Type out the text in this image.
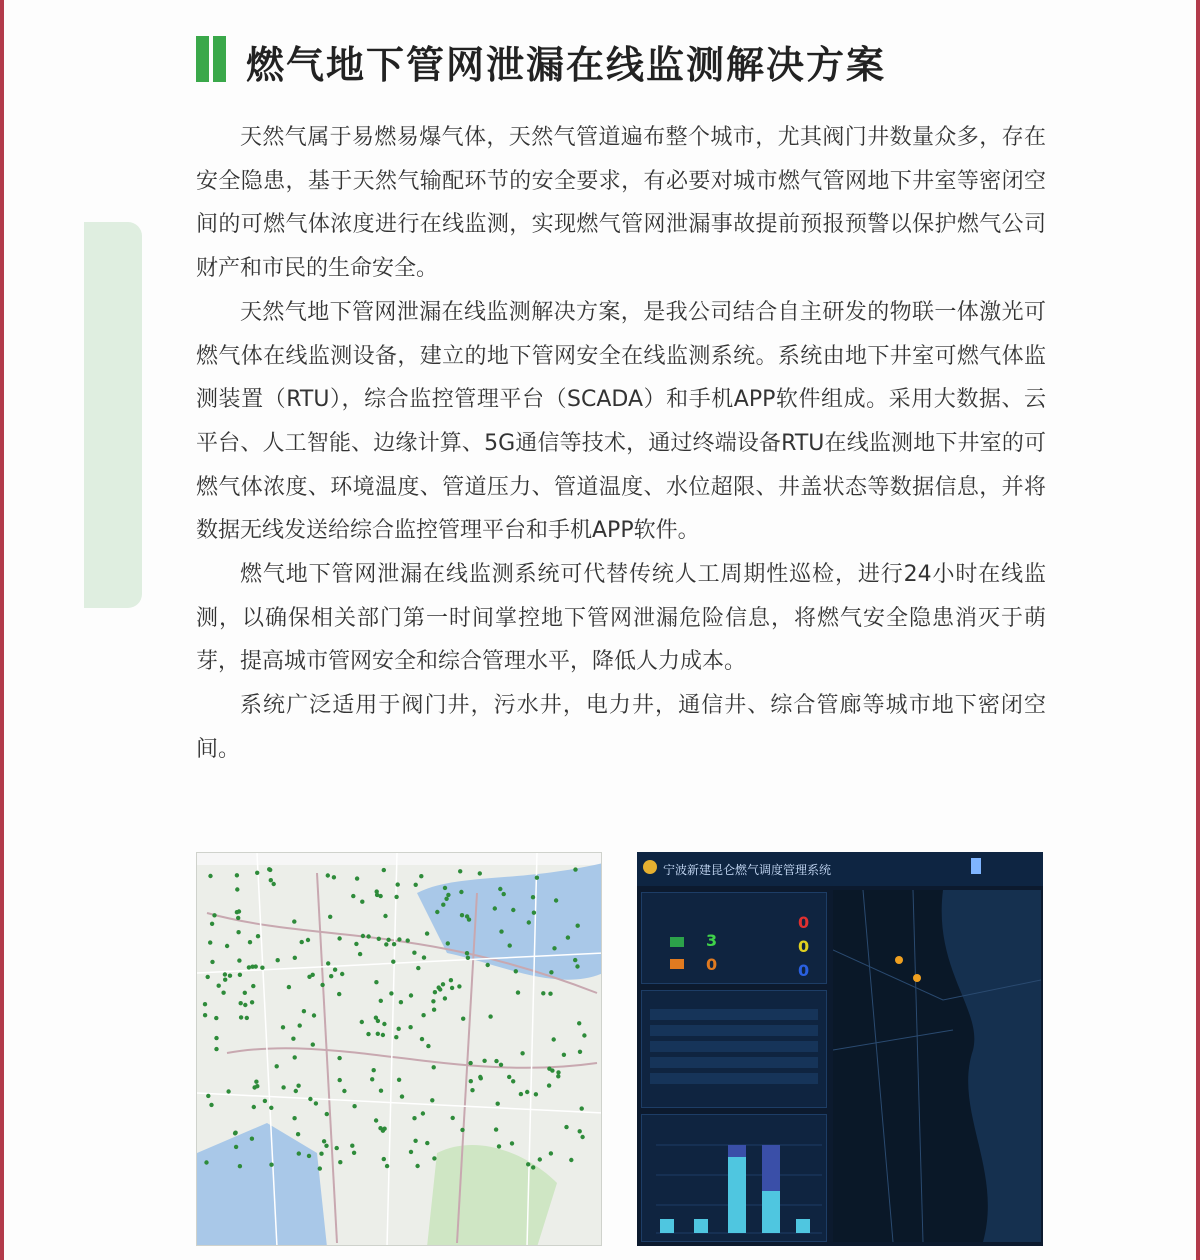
燃气地下管网泄漏在线监测解决方案

天然气属于易燃易爆气体，天然气管道遍布整个城市，尤其阀门井数量众多，存在安全隐患，基于天然气输配环节的安全要求，有必要对城市燃气管网地下井室等密闭空间的可燃气体浓度进行在线监测，实现燃气管网泄漏事故提前预报预警以保护燃气公司财产和市民的生命安全。

天然气地下管网泄漏在线监测解决方案，是我公司结合自主研发的物联一体激光可燃气体在线监测设备，建立的地下管网安全在线监测系统。系统由地下井室可燃气体监测装置（RTU），综合监控管理平台（SCADA）和手机APP软件组成。采用大数据、云平台、人工智能、边缘计算、5G通信等技术，通过终端设备RTU在线监测地下井室的可燃气体浓度、环境温度、管道压力、管道温度、水位超限、井盖状态等数据信息，并将数据无线发送给综合监控管理平台和手机APP软件。

燃气地下管网泄漏在线监测系统可代替传统人工周期性巡检，进行24小时在线监测，以确保相关部门第一时间掌控地下管网泄漏危险信息，将燃气安全隐患消灭于萌芽，提高城市管网安全和综合管理水平，降低人力成本。

系统广泛适用于阀门井，污水井，电力井，通信井、综合管廊等城市地下密闭空间。

宁波新建昆仑燃气调度管理系统
3
0
0
0
0
